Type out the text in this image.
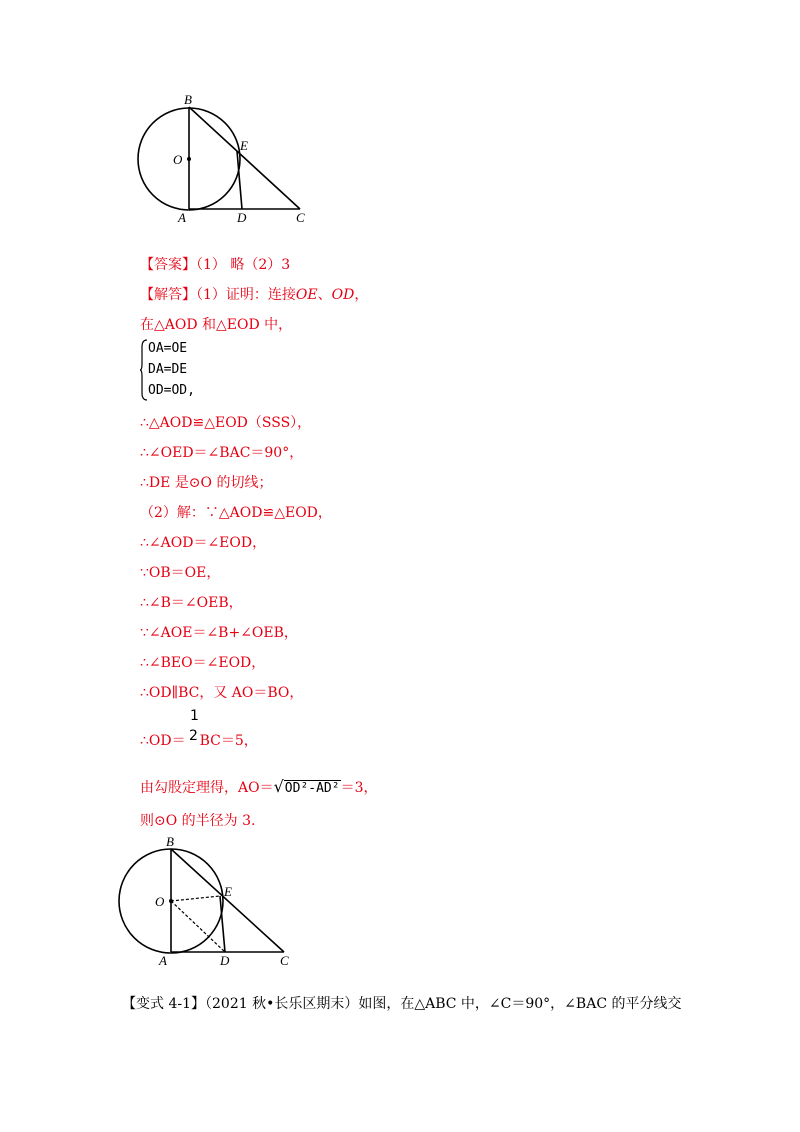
B
O
E
A	D	C
【答案】（1） 略（2）3
【解答】（1）证明：连接OE、OD，
在△AOD 和△EOD 中，
OA=OE
DA=DE
OD=OD,
∴△AOD≌△EOD（SSS），
∴∠OED＝∠BAC＝90°，
∴DE 是⊙O 的切线；
（2）解：∵△AOD≌△EOD，
∴∠AOD＝∠EOD，
∵OB＝OE，
∴∠B＝∠OEB，
∵∠AOE＝∠B+∠OEB，
∴∠BEO＝∠EOD，
∴OD∥BC，又 AO＝BO，
∴OD＝ BC＝5，
1
2
由勾股定理得，AO＝√OD²-AD²＝3，
则⊙O 的半径为 3.
B
O
E
A	D	C
【变式 4-1】（2021 秋•长乐区期末）如图，在△ABC 中，∠C＝90°，∠BAC 的平分线交
